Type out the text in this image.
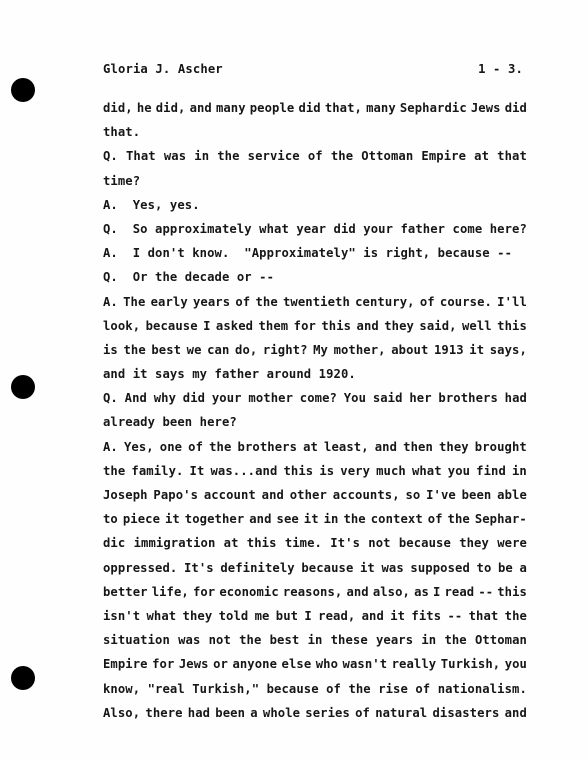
Gloria J. Ascher	1 - 3.
did, he did, and many people did that, many Sephardic Jews did
that.
Q. That was in the service of the Ottoman Empire at that
time?
A.  Yes, yes.
Q.  So approximately what year did your father come here?
A.  I don't know.  "Approximately" is right, because --
Q.  Or the decade or --
A. The early years of the twentieth century, of course. I'll
look, because I asked them for this and they said, well this
is the best we can do, right? My mother, about 1913 it says,
and it says my father around 1920.
Q. And why did your mother come? You said her brothers had
already been here?
A. Yes, one of the brothers at least, and then they brought
the family. It was...and this is very much what you find in
Joseph Papo's account and other accounts, so I've been able
to piece it together and see it in the context of the Sephar-
dic immigration at this time. It's not because they were
oppressed. It's definitely because it was supposed to be a
better life, for economic reasons, and also, as I read -- this
isn't what they told me but I read, and it fits -- that the
situation was not the best in these years in the Ottoman
Empire for Jews or anyone else who wasn't really Turkish, you
know, "real Turkish," because of the rise of nationalism.
Also, there had been a whole series of natural disasters and
